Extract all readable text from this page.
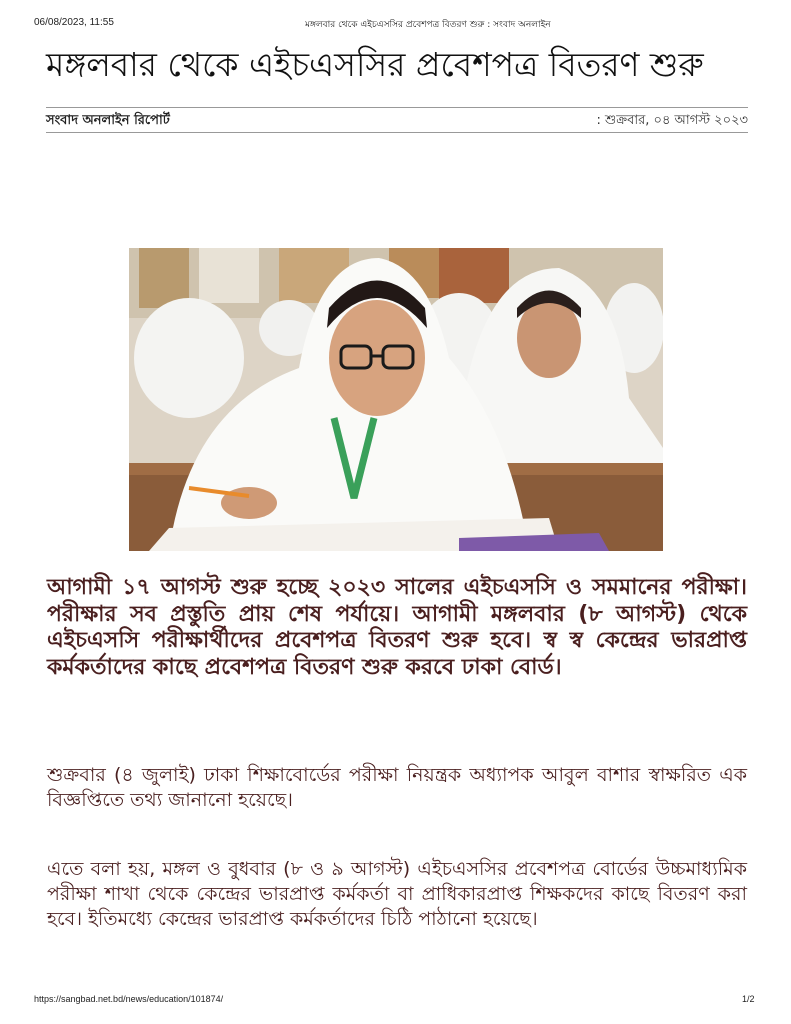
06/08/2023, 11:55	মঙ্গলবার থেকে এইচএসসির প্রবেশপত্র বিতরণ শুরু : সংবাদ অনলাইন
মঙ্গলবার থেকে এইচএসসির প্রবেশপত্র বিতরণ শুরু
সংবাদ অনলাইন রিপোর্ট	: শুক্রবার, ০৪ আগস্ট ২০২৩

আগামী ১৭ আগস্ট শুরু হচ্ছে ২০২৩ সালের এইচএসসি ও সমমানের পরীক্ষা। পরীক্ষার সব প্রস্তুতি প্রায় শেষ পর্যায়ে। আগামী মঙ্গলবার (৮ আগস্ট) থেকে এইচএসসি পরীক্ষার্থীদের প্রবেশপত্র বিতরণ শুরু হবে। স্ব স্ব কেন্দ্রের ভারপ্রাপ্ত কর্মকর্তাদের কাছে প্রবেশপত্র বিতরণ শুরু করবে ঢাকা বোর্ড।

শুক্রবার (৪ জুলাই) ঢাকা শিক্ষাবোর্ডের পরীক্ষা নিয়ন্ত্রক অধ্যাপক আবুল বাশার স্বাক্ষরিত এক বিজ্ঞপ্তিতে তথ্য জানানো হয়েছে।

এতে বলা হয়, মঙ্গল ও বুধবার (৮ ও ৯ আগস্ট) এইচএসসির প্রবেশপত্র বোর্ডের উচ্চমাধ্যমিক পরীক্ষা শাখা থেকে কেন্দ্রের ভারপ্রাপ্ত কর্মকর্তা বা প্রাধিকারপ্রাপ্ত শিক্ষকদের কাছে বিতরণ করা হবে। ইতিমধ্যে কেন্দ্রের ভারপ্রাপ্ত কর্মকর্তাদের চিঠি পাঠানো হয়েছে।

https://sangbad.net.bd/news/education/101874/	1/2
